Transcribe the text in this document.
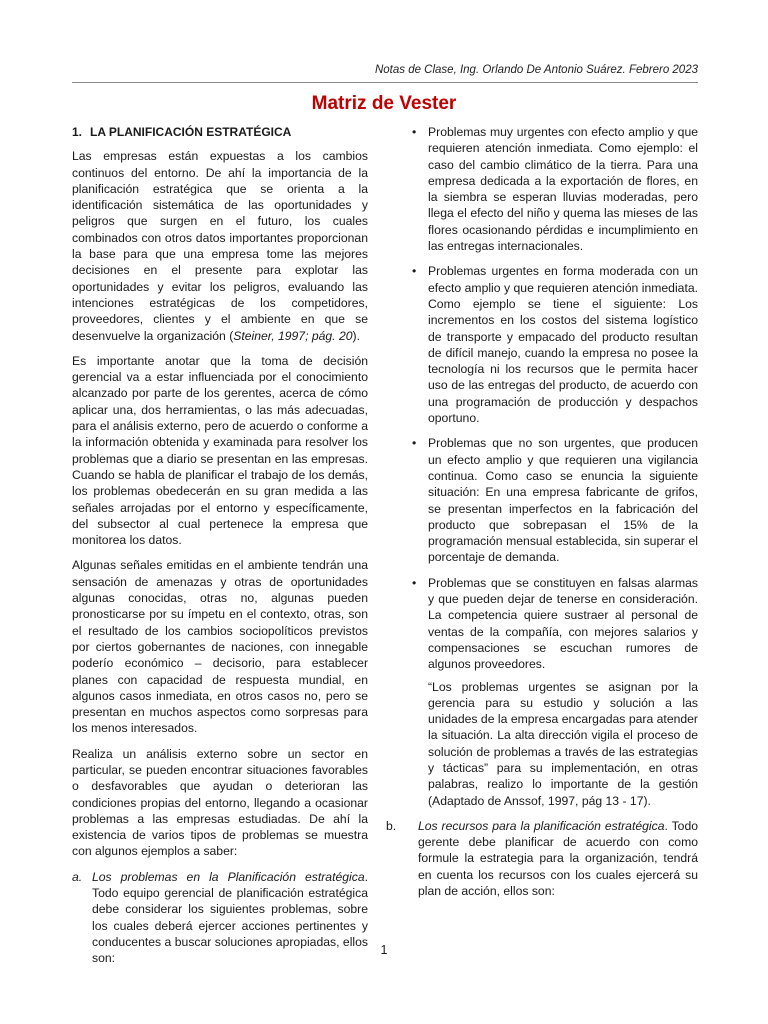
Notas de Clase, Ing. Orlando De Antonio Suárez. Febrero 2023
Matriz de Vester
1. LA PLANIFICACIÓN ESTRATÉGICA

Las empresas están expuestas a los cambios continuos del entorno. De ahí la importancia de la planificación estratégica que se orienta a la identificación sistemática de las oportunidades y peligros que surgen en el futuro, los cuales combinados con otros datos importantes proporcionan la base para que una empresa tome las mejores decisiones en el presente para explotar las oportunidades y evitar los peligros, evaluando las intenciones estratégicas de los competidores, proveedores, clientes y el ambiente en que se desenvuelve la organización (Steiner, 1997; pág. 20).

Es importante anotar que la toma de decisión gerencial va a estar influenciada por el conocimiento alcanzado por parte de los gerentes, acerca de cómo aplicar una, dos herramientas, o las más adecuadas, para el análisis externo, pero de acuerdo o conforme a la información obtenida y examinada para resolver los problemas que a diario se presentan en las empresas. Cuando se habla de planificar el trabajo de los demás, los problemas obedecerán en su gran medida a las señales arrojadas por el entorno y específicamente, del subsector al cual pertenece la empresa que monitorea los datos.

Algunas señales emitidas en el ambiente tendrán una sensación de amenazas y otras de oportunidades algunas conocidas, otras no, algunas pueden pronosticarse por su ímpetu en el contexto, otras, son el resultado de los cambios sociopolíticos previstos por ciertos gobernantes de naciones, con innegable poderío económico – decisorio, para establecer planes con capacidad de respuesta mundial, en algunos casos inmediata, en otros casos no, pero se presentan en muchos aspectos como sorpresas para los menos interesados.

Realiza un análisis externo sobre un sector en particular, se pueden encontrar situaciones favorables o desfavorables que ayudan o deterioran las condiciones propias del entorno, llegando a ocasionar problemas a las empresas estudiadas. De ahí la existencia de varios tipos de problemas se muestra con algunos ejemplos a saber:

a. Los problemas en la Planificación estratégica. Todo equipo gerencial de planificación estratégica debe considerar los siguientes problemas, sobre los cuales deberá ejercer acciones pertinentes y conducentes a buscar soluciones apropiadas, ellos son:
• Problemas muy urgentes con efecto amplio y que requieren atención inmediata. Como ejemplo: el caso del cambio climático de la tierra. Para una empresa dedicada a la exportación de flores, en la siembra se esperan lluvias moderadas, pero llega el efecto del niño y quema las mieses de las flores ocasionando pérdidas e incumplimiento en las entregas internacionales.
• Problemas urgentes en forma moderada con un efecto amplio y que requieren atención inmediata. Como ejemplo se tiene el siguiente: Los incrementos en los costos del sistema logístico de transporte y empacado del producto resultan de difícil manejo, cuando la empresa no posee la tecnología ni los recursos que le permita hacer uso de las entregas del producto, de acuerdo con una programación de producción y despachos oportuno.
• Problemas que no son urgentes, que producen un efecto amplio y que requieren una vigilancia continua. Como caso se enuncia la siguiente situación: En una empresa fabricante de grifos, se presentan imperfectos en la fabricación del producto que sobrepasan el 15% de la programación mensual establecida, sin superar el porcentaje de demanda.
• Problemas que se constituyen en falsas alarmas y que pueden dejar de tenerse en consideración. La competencia quiere sustraer al personal de ventas de la compañía, con mejores salarios y compensaciones se escuchan rumores de algunos proveedores.

“Los problemas urgentes se asignan por la gerencia para su estudio y solución a las unidades de la empresa encargadas para atender la situación. La alta dirección vigila el proceso de solución de problemas a través de las estrategias y tácticas” para su implementación, en otras palabras, realizo lo importante de la gestión (Adaptado de Anssof, 1997, pág 13 - 17).

b. Los recursos para la planificación estratégica. Todo gerente debe planificar de acuerdo con como formule la estrategia para la organización, tendrá en cuenta los recursos con los cuales ejercerá su plan de acción, ellos son:
1
